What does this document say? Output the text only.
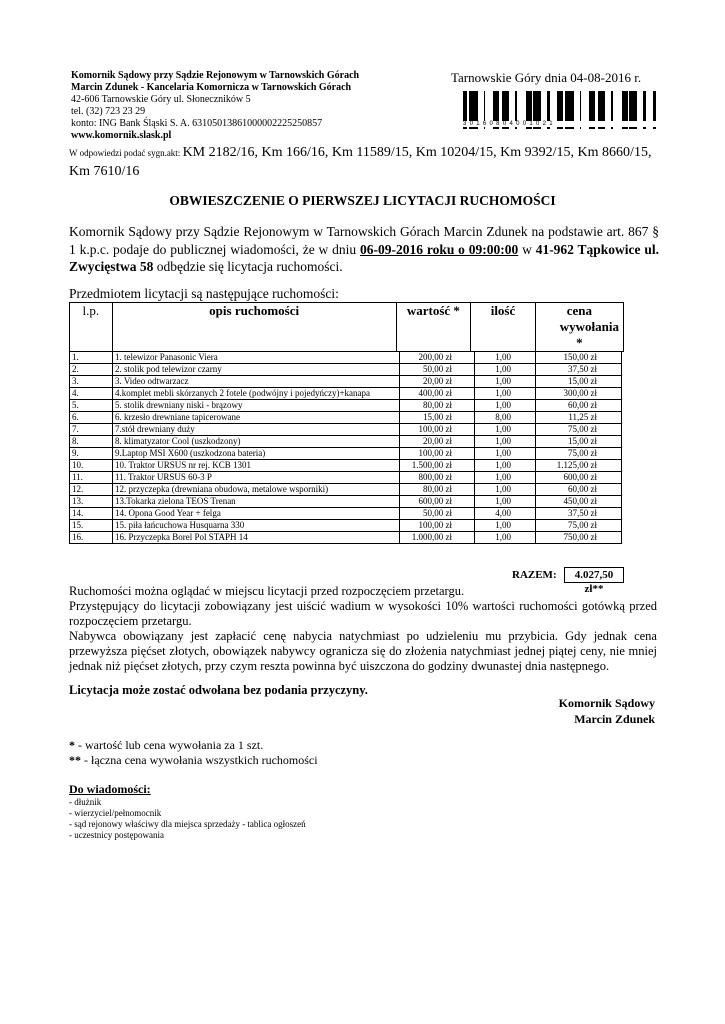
Komornik Sądowy przy Sądzie Rejonowym w Tarnowskich Górach
Marcin Zdunek - Kancelaria Komornicza w Tarnowskich Górach
42-606 Tarnowskie Góry ul. Słoneczników 5
tel. (32) 723 23 29
konto: ING Bank Śląski S. A. 63105013861000002225250857
www.komornik.slask.pl
Tarnowskie Góry dnia 04-08-2016 r.
30160804001021
W odpowiedzi podać sygn.akt: KM 2182/16, Km 166/16, Km 11589/15, Km 10204/15, Km 9392/15, Km 8660/15, Km 7610/16
OBWIESZCZENIE O PIERWSZEJ LICYTACJI RUCHOMOŚCI
Komornik Sądowy przy Sądzie Rejonowym w Tarnowskich Górach Marcin Zdunek na podstawie art. 867 § 1 k.p.c. podaje do publicznej wiadomości, że w dniu 06-09-2016 roku o 09:00:00 w 41-962 Tąpkowice ul. Zwycięstwa 58 odbędzie się licytacja ruchomości.
Przedmiotem licytacji są następujące ruchomości:
l.p.	opis ruchomości	wartość *	ilość	cena
wywołania *
1.	1. telewizor Panasonic Viera	200,00 zł	1,00	150,00 zł
2.	2. stolik pod telewizor czarny	50,00 zł	1,00	37,50 zł
3.	3. Video odtwarzacz	20,00 zł	1,00	15,00 zł
4.	4.komplet mebli skórzanych 2 fotele (podwójny i pojedyńczy)+kanapa	400,00 zł	1,00	300,00 zł
5.	5. stolik drewniany niski - brązowy	80,00 zł	1,00	60,00 zł
6.	6. krzesło drewniane tapicerowane	15,00 zł	8,00	11,25 zł
7.	7.stół drewniany duży	100,00 zł	1,00	75,00 zł
8.	8. klimatyzator Cool (uszkodzony)	20,00 zł	1,00	15,00 zł
9.	9.Laptop MSI X600 (uszkodzona bateria)	100,00 zł	1,00	75,00 zł
10.	10. Traktor URSUS nr rej. KCB 1301	1.500,00 zł	1,00	1.125,00 zł
11.	11. Traktor URSUS 60-3 P	800,00 zł	1,00	600,00 zł
12.	12. przyczepka (drewniana obudowa, metalowe wsporniki)	80,00 zł	1,00	60,00 zł
13.	13.Tokarka zielona TEOS Trenan	600,00 zł	1,00	450,00 zł
14.	14. Opona Good Year + felga	50,00 zł	4,00	37,50 zł
15.	15. piła łańcuchowa Husquarna 330	100,00 zł	1,00	75,00 zł
16.	16. Przyczepka Borel Pol STAPH 14	1.000,00 zł	1,00	750,00 zł
RAZEM:	4.027,50 zł**

Ruchomości można oglądać w miejscu licytacji przed rozpoczęciem przetargu.

Przystępujący do licytacji zobowiązany jest uiścić wadium w wysokości 10% wartości ruchomości gotówką przed rozpoczęciem przetargu.

Nabywca obowiązany jest zapłacić cenę nabycia natychmiast po udzieleniu mu przybicia. Gdy jednak cena przewyższa pięćset złotych, obowiązek nabywcy ogranicza się do złożenia natychmiast jednej piątej ceny, nie mniej jednak niż pięćset złotych, przy czym reszta powinna być uiszczona do godziny dwunastej dnia następnego.

Licytacja może zostać odwołana bez podania przyczyny.
Komornik Sądowy
Marcin Zdunek
* - wartość lub cena wywołania za 1 szt.
** - łączna cena wywołania wszystkich ruchomości
Do wiadomości:
- dłużnik
- wierzyciel/pełnomocnik
- sąd rejonowy właściwy dla miejsca sprzedaży - tablica ogłoszeń
- uczestnicy postępowania
